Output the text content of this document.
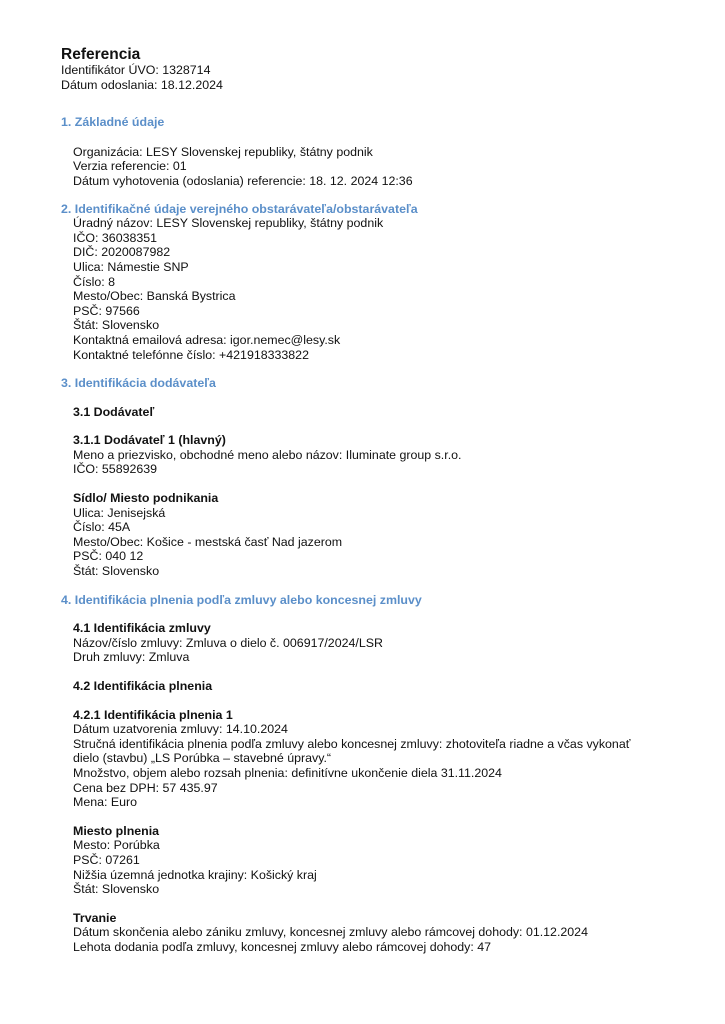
Referencia
Identifikátor ÚVO: 1328714
Dátum odoslania: 18.12.2024
1. Základné údaje
Organizácia: LESY Slovenskej republiky, štátny podnik
Verzia referencie: 01
Dátum vyhotovenia (odoslania) referencie: 18. 12. 2024 12:36
2. Identifikačné údaje verejného obstarávateľa/obstarávateľa
Úradný názov: LESY Slovenskej republiky, štátny podnik
IČO: 36038351
DIČ: 2020087982
Ulica: Námestie SNP
Číslo: 8
Mesto/Obec: Banská Bystrica
PSČ: 97566
Štát: Slovensko
Kontaktná emailová adresa: igor.nemec@lesy.sk
Kontaktné telefónne číslo: +421918333822
3. Identifikácia dodávateľa
3.1 Dodávateľ
3.1.1 Dodávateľ 1 (hlavný)
Meno a priezvisko, obchodné meno alebo názov: Iluminate group s.r.o.
IČO: 55892639
Sídlo/ Miesto podnikania
Ulica: Jenisejská
Číslo: 45A
Mesto/Obec: Košice - mestská časť Nad jazerom
PSČ: 040 12
Štát: Slovensko
4. Identifikácia plnenia podľa zmluvy alebo koncesnej zmluvy
4.1 Identifikácia zmluvy
Názov/číslo zmluvy: Zmluva o dielo č. 006917/2024/LSR
Druh zmluvy: Zmluva
4.2 Identifikácia plnenia
4.2.1 Identifikácia plnenia 1
Dátum uzatvorenia zmluvy: 14.10.2024
Stručná identifikácia plnenia podľa zmluvy alebo koncesnej zmluvy: zhotoviteľa riadne a včas vykonať dielo (stavbu) „LS Porúbka – stavebné úpravy.“
Množstvo, objem alebo rozsah plnenia: definitívne ukončenie diela 31.11.2024
Cena bez DPH: 57 435.97
Mena: Euro
Miesto plnenia
Mesto: Porúbka
PSČ: 07261
Nižšia územná jednotka krajiny: Košický kraj
Štát: Slovensko
Trvanie
Dátum skončenia alebo zániku zmluvy, koncesnej zmluvy alebo rámcovej dohody: 01.12.2024
Lehota dodania podľa zmluvy, koncesnej zmluvy alebo rámcovej dohody: 47
